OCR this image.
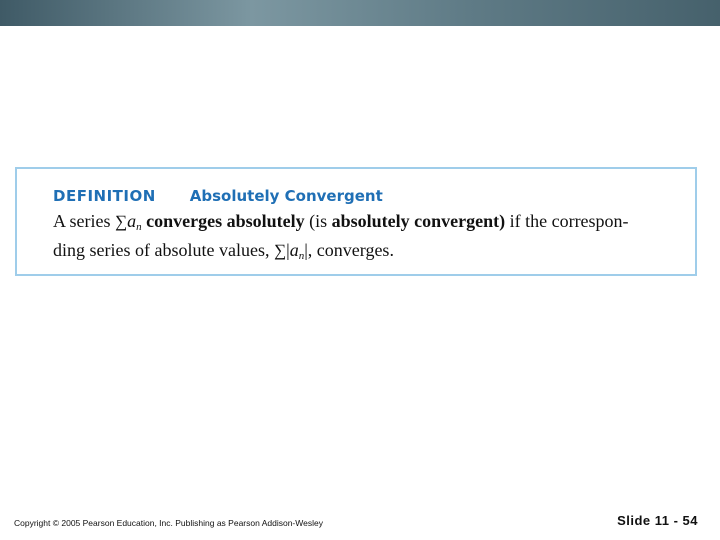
DEFINITION Absolutely Convergent
A series $\sum a_n$ converges absolutely (is absolutely convergent) if the correspon-
ding series of absolute values, $\sum|a_n|$, converges.
Copyright © 2005 Pearson Education, Inc. Publishing as Pearson Addison-Wesley	Slide 11 - 54
